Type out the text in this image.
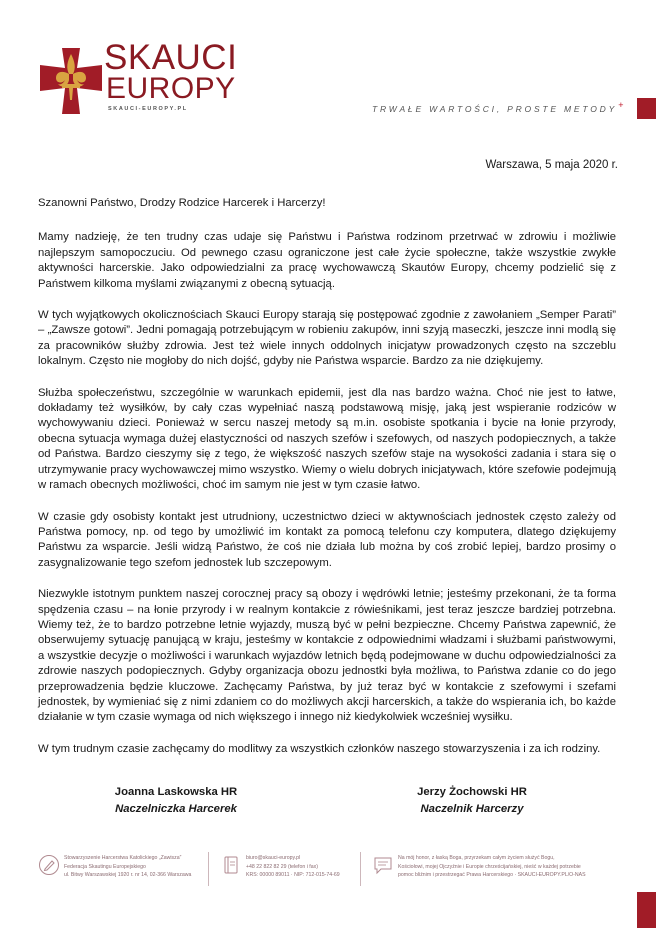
SKAUCI
EUROPY
SKAUCI-EUROPY.PL	TRWAŁE WARTOŚCI, PROSTE METODY+
Warszawa, 5 maja 2020 r.

Szanowni Państwo, Drodzy Rodzice Harcerek i Harcerzy!

Mamy nadzieję, że ten trudny czas udaje się Państwu i Państwa rodzinom przetrwać w zdrowiu i możliwie najlepszym samopoczuciu. Od pewnego czasu ograniczone jest całe życie społeczne, także wszystkie zwykłe aktywności harcerskie. Jako odpowiedzialni za pracę wychowawczą Skautów Europy, chcemy podzielić się z Państwem kilkoma myślami związanymi z obecną sytuacją.

W tych wyjątkowych okolicznościach Skauci Europy starają się postępować zgodnie z zawołaniem „Semper Parati” – „Zawsze gotowi”. Jedni pomagają potrzebującym w robieniu zakupów, inni szyją maseczki, jeszcze inni modlą się za pracowników służby zdrowia. Jest też wiele innych oddolnych inicjatyw prowadzonych często na szczeblu lokalnym. Często nie mogłoby do nich dojść, gdyby nie Państwa wsparcie. Bardzo za nie dziękujemy.

Służba społeczeństwu, szczególnie w warunkach epidemii, jest dla nas bardzo ważna. Choć nie jest to łatwe, dokładamy też wysiłków, by cały czas wypełniać naszą podstawową misję, jaką jest wspieranie rodziców w wychowywaniu dzieci. Ponieważ w sercu naszej metody są m.in. osobiste spotkania i bycie na łonie przyrody, obecna sytuacja wymaga dużej elastyczności od naszych szefów i szefowych, od naszych podopiecznych, a także od Państwa. Bardzo cieszymy się z tego, że większość naszych szefów staje na wysokości zadania i stara się o utrzymywanie pracy wychowawczej mimo wszystko. Wiemy o wielu dobrych inicjatywach, które szefowie podejmują w ramach obecnych możliwości, choć im samym nie jest w tym czasie łatwo.

W czasie gdy osobisty kontakt jest utrudniony, uczestnictwo dzieci w aktywnościach jednostek często zależy od Państwa pomocy, np. od tego by umożliwić im kontakt za pomocą telefonu czy komputera, dlatego dziękujemy Państwu za wsparcie. Jeśli widzą Państwo, że coś nie działa lub można by coś zrobić lepiej, bardzo prosimy o zasygnalizowanie tego szefom jednostek lub szczepowym.

Niezwykle istotnym punktem naszej corocznej pracy są obozy i wędrówki letnie; jesteśmy przekonani, że ta forma spędzenia czasu – na łonie przyrody i w realnym kontakcie z rówieśnikami, jest teraz jeszcze bardziej potrzebna. Wiemy też, że to bardzo potrzebne letnie wyjazdy, muszą być w pełni bezpieczne. Chcemy Państwa zapewnić, że obserwujemy sytuację panującą w kraju, jesteśmy w kontakcie z odpowiednimi władzami i służbami państwowymi, a wszystkie decyzje o możliwości i warunkach wyjazdów letnich będą podejmowane w duchu odpowiedzialności za zdrowie naszych podopiecznych. Gdyby organizacja obozu jednostki była możliwa, to Państwa zdanie co do jego przeprowadzenia będzie kluczowe. Zachęcamy Państwa, by już teraz być w kontakcie z szefowymi i szefami jednostek, by wymieniać się z nimi zdaniem co do możliwych akcji harcerskich, a także do wspierania ich, bo każde działanie w tym czasie wymaga od nich większego i innego niż kiedykolwiek wcześniej wysiłku.

W tym trudnym czasie zachęcamy do modlitwy za wszystkich członków naszego stowarzyszenia i za ich rodziny.

Joanna Laskowska HR
Naczelniczka Harcerek
Jerzy Żochowski HR
Naczelnik Harcerzy
Stowarzyszenie Harcerstwa Katolickiego „Zawisza”
Federacja Skautingu Europejskiego
ul. Bitwy Warszawskiej 1920 r. nr 14, 02-366 Warszawa
biuro@skauci-europy.pl
+48 22 822 82 29 (telefon i fax)
KRS: 00000 89011 · NIP: 712-015-74-69
Na mój honor, z łaską Boga, przyrzekam całym życiem służyć Bogu,
Kościołowi, mojej Ojczyźnie i Europie chrześcijańskiej, nieść w każdej potrzebie
pomoc bliźnim i przestrzegać Prawa Harcerskiego · SKAUCI-EUROPY.PL/O-NAS
